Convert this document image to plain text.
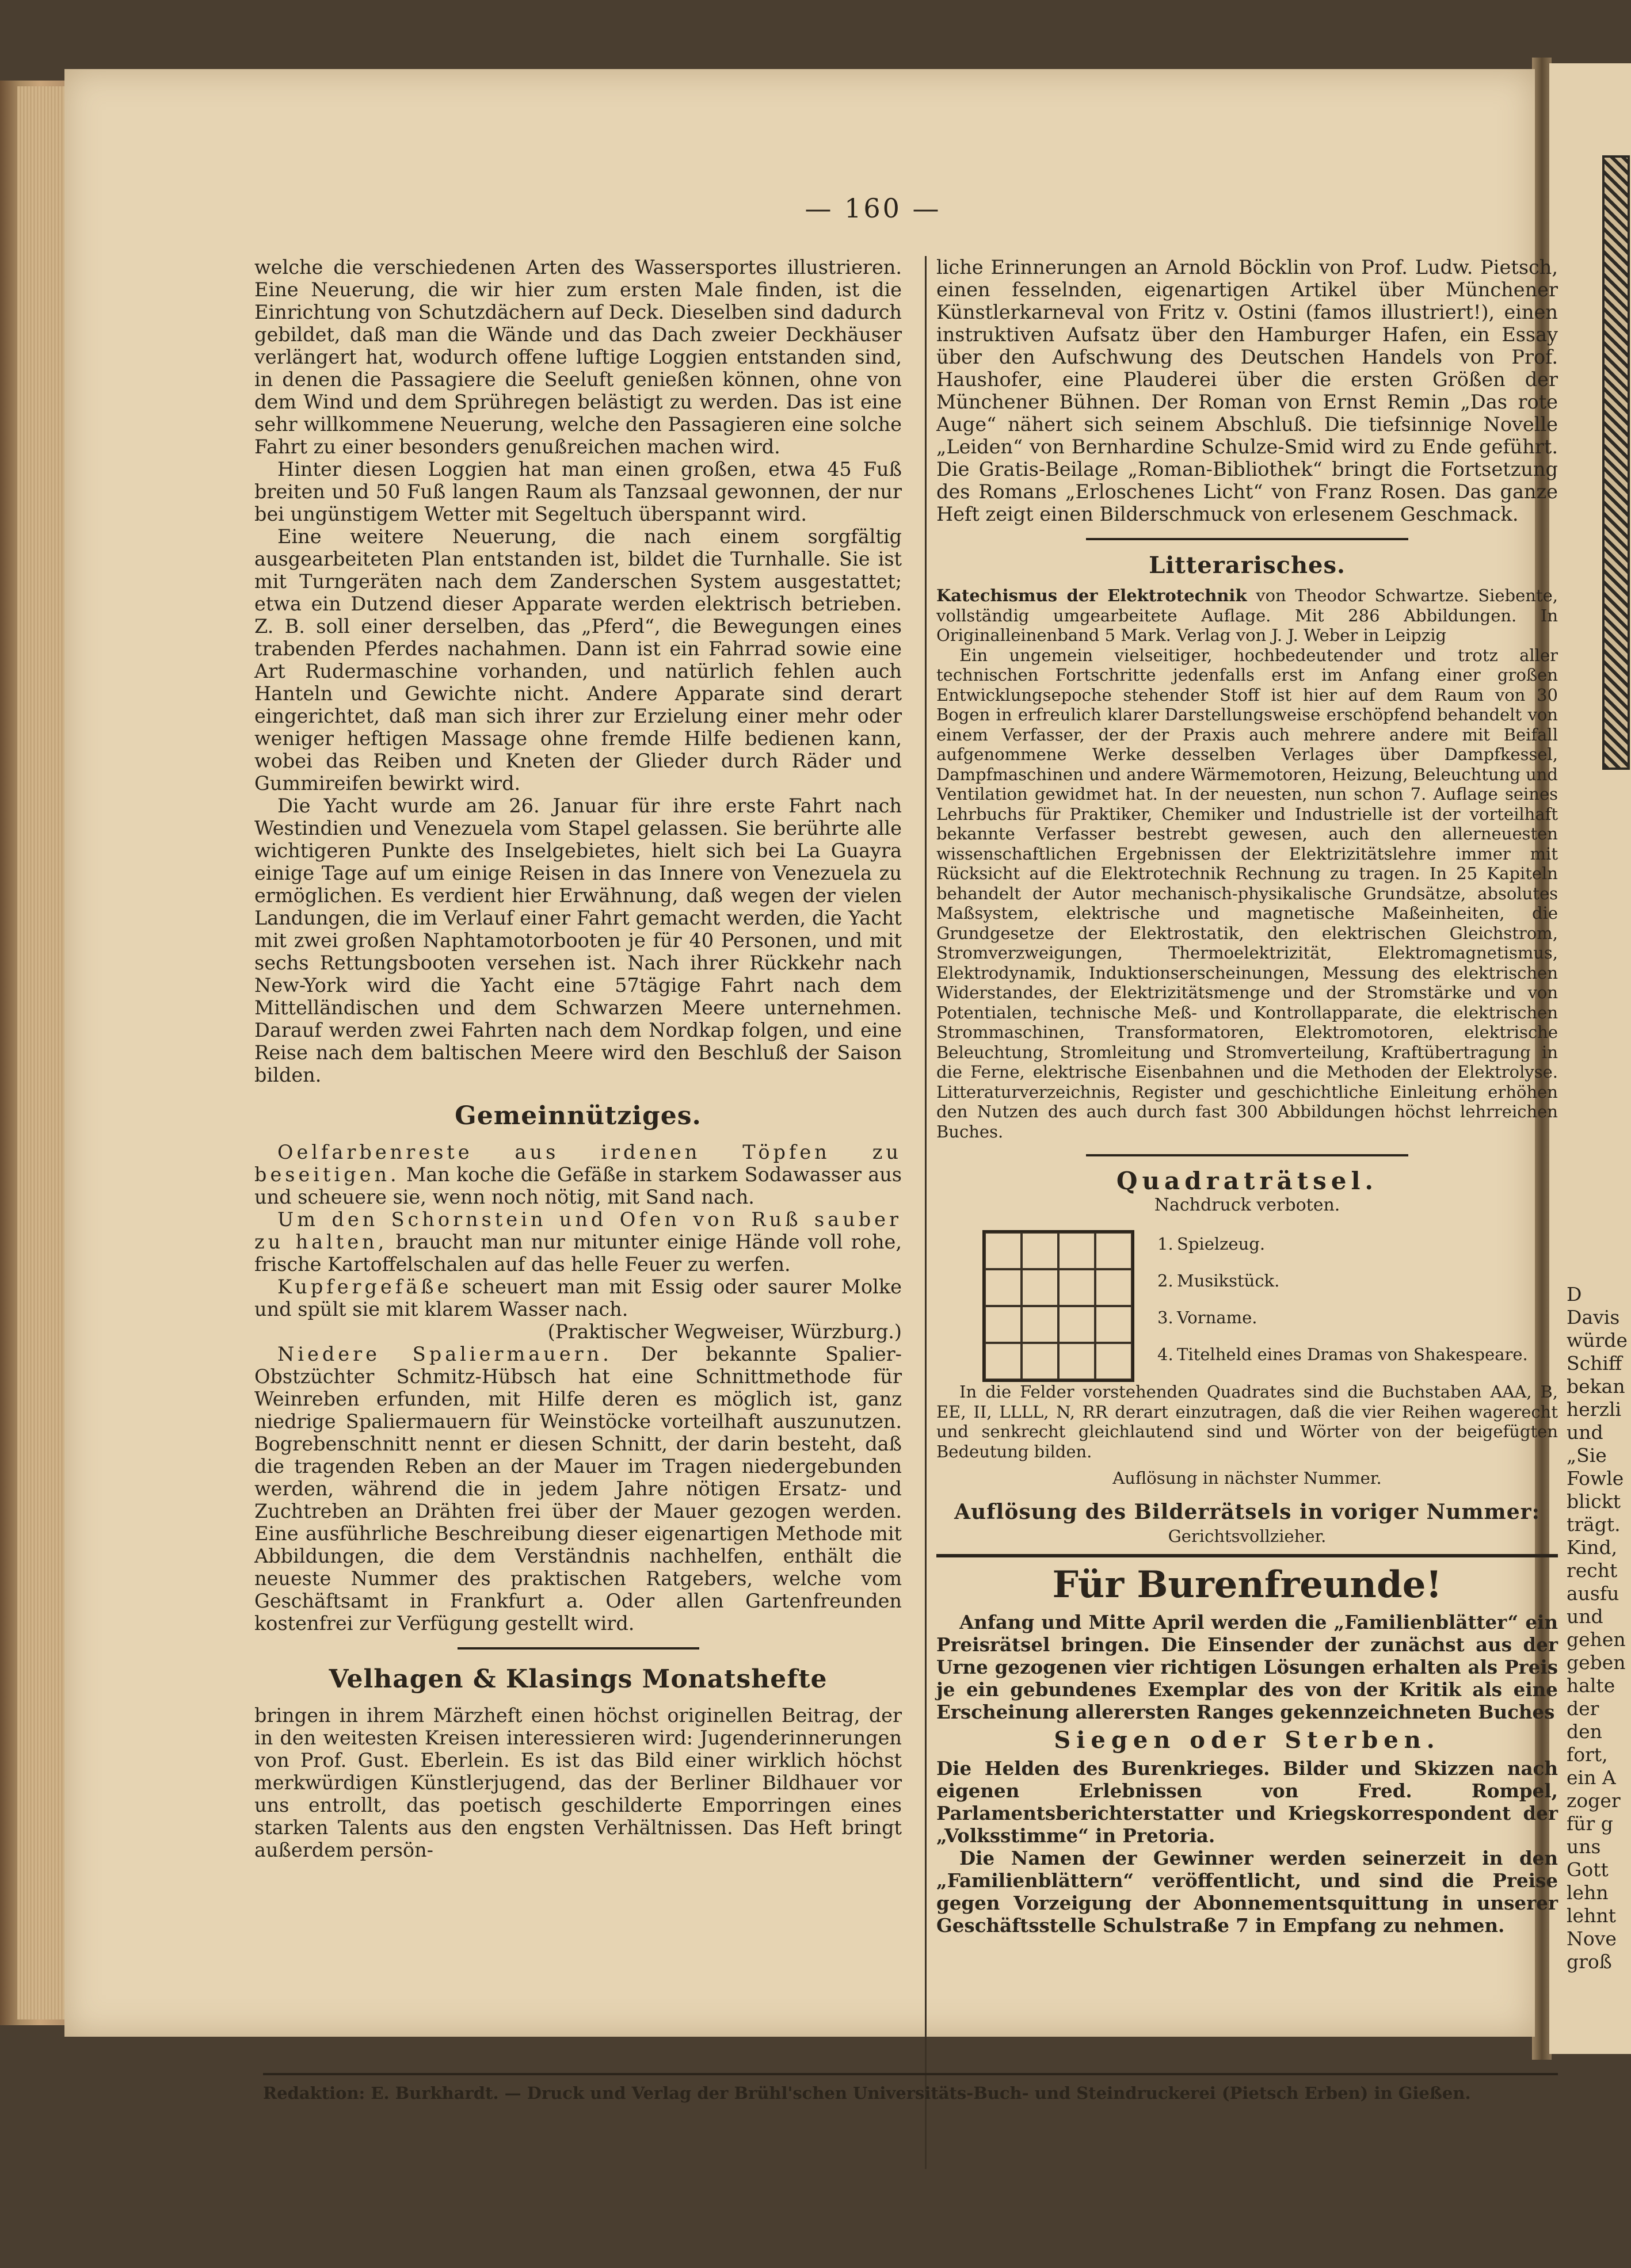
D
Davis
würde
Schiff
bekan
herzli
und
„Sie
Fowle
blickt
trägt.
Kind,
recht
ausfu
und
gehen
geben
halte
der
den
fort,
ein A
zoger
für g
uns
Gott
lehn
lehnt
Nove
groß
— 160 —

welche die verschiedenen Arten des Wassersportes illustrieren. Eine Neuerung, die wir hier zum ersten Male finden, ist die Einrichtung von Schutzdächern auf Deck. Dieselben sind dadurch gebildet, daß man die Wände und das Dach zweier Deckhäuser verlängert hat, wodurch offene luftige Loggien entstanden sind, in denen die Passagiere die Seeluft genießen können, ohne von dem Wind und dem Sprühregen belästigt zu werden. Das ist eine sehr willkommene Neuerung, welche den Passagieren eine solche Fahrt zu einer besonders genußreichen machen wird.

Hinter diesen Loggien hat man einen großen, etwa 45 Fuß breiten und 50 Fuß langen Raum als Tanzsaal gewonnen, der nur bei ungünstigem Wetter mit Segeltuch überspannt wird.

Eine weitere Neuerung, die nach einem sorgfältig ausgearbeiteten Plan entstanden ist, bildet die Turnhalle. Sie ist mit Turngeräten nach dem Zanderschen System ausgestattet; etwa ein Dutzend dieser Apparate werden elektrisch betrieben. Z. B. soll einer derselben, das „Pferd“, die Bewegungen eines trabenden Pferdes nachahmen. Dann ist ein Fahrrad sowie eine Art Rudermaschine vorhanden, und natürlich fehlen auch Hanteln und Gewichte nicht. Andere Apparate sind derart eingerichtet, daß man sich ihrer zur Erzielung einer mehr oder weniger heftigen Massage ohne fremde Hilfe bedienen kann, wobei das Reiben und Kneten der Glieder durch Räder und Gummireifen bewirkt wird.

Die Yacht wurde am 26. Januar für ihre erste Fahrt nach Westindien und Venezuela vom Stapel gelassen. Sie berührte alle wichtigeren Punkte des Inselgebietes, hielt sich bei La Guayra einige Tage auf um einige Reisen in das Innere von Venezuela zu ermöglichen. Es verdient hier Erwähnung, daß wegen der vielen Landungen, die im Verlauf einer Fahrt gemacht werden, die Yacht mit zwei großen Naphtamotorbooten je für 40 Personen, und mit sechs Rettungsbooten versehen ist. Nach ihrer Rückkehr nach New-York wird die Yacht eine 57tägige Fahrt nach dem Mittelländischen und dem Schwarzen Meere unternehmen. Darauf werden zwei Fahrten nach dem Nordkap folgen, und eine Reise nach dem baltischen Meere wird den Beschluß der Saison bilden.

Gemeinnütziges.

Oelfarbenreste aus irdenen Töpfen zu beseitigen. Man koche die Gefäße in starkem Sodawasser aus und scheuere sie, wenn noch nötig, mit Sand nach.

Um den Schornstein und Ofen von Ruß sauber zu halten, braucht man nur mitunter einige Hände voll rohe, frische Kartoffelschalen auf das helle Feuer zu werfen.

Kupfergefäße scheuert man mit Essig oder saurer Molke und spült sie mit klarem Wasser nach.

(Praktischer Wegweiser, Würzburg.)

Niedere Spaliermauern. Der bekannte Spalier-Obstzüchter Schmitz-Hübsch hat eine Schnittmethode für Weinreben erfunden, mit Hilfe deren es möglich ist, ganz niedrige Spaliermauern für Weinstöcke vorteilhaft auszunutzen. Bogrebenschnitt nennt er diesen Schnitt, der darin besteht, daß die tragenden Reben an der Mauer im Tragen niedergebunden werden, während die in jedem Jahre nötigen Ersatz- und Zuchtreben an Drähten frei über der Mauer gezogen werden. Eine ausführliche Beschreibung dieser eigenartigen Methode mit Abbildungen, die dem Verständnis nachhelfen, enthält die neueste Nummer des praktischen Ratgebers, welche vom Geschäftsamt in Frankfurt a. Oder allen Gartenfreunden kostenfrei zur Verfügung gestellt wird.

Velhagen & Klasings Monatshefte

bringen in ihrem Märzheft einen höchst originellen Beitrag, der in den weitesten Kreisen interessieren wird: Jugenderinnerungen von Prof. Gust. Eberlein. Es ist das Bild einer wirklich höchst merkwürdigen Künstlerjugend, das der Berliner Bildhauer vor uns entrollt, das poetisch geschilderte Emporringen eines starken Talents aus den engsten Verhältnissen. Das Heft bringt außerdem persön-

liche Erinnerungen an Arnold Böcklin von Prof. Ludw. Pietsch, einen fesselnden, eigenartigen Artikel über Münchener Künstlerkarneval von Fritz v. Ostini (famos illustriert!), einen instruktiven Aufsatz über den Hamburger Hafen, ein Essay über den Aufschwung des Deutschen Handels von Prof. Haushofer, eine Plauderei über die ersten Größen der Münchener Bühnen. Der Roman von Ernst Remin „Das rote Auge“ nähert sich seinem Abschluß. Die tiefsinnige Novelle „Leiden“ von Bernhardine Schulze-Smid wird zu Ende geführt. Die Gratis-Beilage „Roman-Bibliothek“ bringt die Fortsetzung des Romans „Erloschenes Licht“ von Franz Rosen. Das ganze Heft zeigt einen Bilderschmuck von erlesenem Geschmack.

Litterarisches.

Katechismus der Elektrotechnik von Theodor Schwartze. Siebente, vollständig umgearbeitete Auflage. Mit 286 Abbildungen. In Originalleinenband 5 Mark. Verlag von J. J. Weber in Leipzig

Ein ungemein vielseitiger, hochbedeutender und trotz aller technischen Fortschritte jedenfalls erst im Anfang einer großen Entwicklungsepoche stehender Stoff ist hier auf dem Raum von 30 Bogen in erfreulich klarer Darstellungsweise erschöpfend behandelt von einem Verfasser, der der Praxis auch mehrere andere mit Beifall aufgenommene Werke desselben Verlages über Dampfkessel, Dampfmaschinen und andere Wärmemotoren, Heizung, Beleuchtung und Ventilation gewidmet hat. In der neuesten, nun schon 7. Auflage seines Lehrbuchs für Praktiker, Chemiker und Industrielle ist der vorteilhaft bekannte Verfasser bestrebt gewesen, auch den allerneuesten wissenschaftlichen Ergebnissen der Elektrizitätslehre immer mit Rücksicht auf die Elektrotechnik Rechnung zu tragen. In 25 Kapiteln behandelt der Autor mechanisch-physikalische Grundsätze, absolutes Maßsystem, elektrische und magnetische Maßeinheiten, die Grundgesetze der Elektrostatik, den elektrischen Gleichstrom, Stromverzweigungen, Thermoelektrizität, Elektromagnetismus, Elektrodynamik, Induktionserscheinungen, Messung des elektrischen Widerstandes, der Elektrizitätsmenge und der Stromstärke und von Potentialen, technische Meß- und Kontrollapparate, die elektrischen Strommaschinen, Transformatoren, Elektromotoren, elektrische Beleuchtung, Stromleitung und Stromverteilung, Kraftübertragung in die Ferne, elektrische Eisenbahnen und die Methoden der Elektrolyse. Litteraturverzeichnis, Register und geschichtliche Einleitung erhöhen den Nutzen des auch durch fast 300 Abbildungen höchst lehrreichen Buches.

Quadraträtsel.
Nachdruck verboten.
1. Spielzeug.
2. Musikstück.
3. Vorname.
4. Titelheld eines Dramas von Shakespeare.

In die Felder vorstehenden Quadrates sind die Buchstaben AAA, B, EE, II, LLLL, N, RR derart einzutragen, daß die vier Reihen wagerecht und senkrecht gleichlautend sind und Wörter von der beigefügten Bedeutung bilden.

Auflösung in nächster Nummer.

Auflösung des Bilderrätsels in voriger Nummer:

Gerichtsvollzieher.

Für Burenfreunde!

Anfang und Mitte April werden die „Familienblätter“ ein Preisrätsel bringen. Die Einsender der zunächst aus der Urne gezogenen vier richtigen Lösungen erhalten als Preis je ein gebundenes Exemplar des von der Kritik als eine Erscheinung allerersten Ranges gekennzeichneten Buches

Siegen oder Sterben.

Die Helden des Burenkrieges. Bilder und Skizzen nach eigenen Erlebnissen von Fred. Rompel, Parlamentsberichterstatter und Kriegskorrespondent der „Volksstimme“ in Pretoria.

Die Namen der Gewinner werden seinerzeit in den „Familienblättern“ veröffentlicht, und sind die Preise gegen Vorzeigung der Abonnementsquittung in unserer Geschäftsstelle Schulstraße 7 in Empfang zu nehmen.

Redaktion: E. Burkhardt. — Druck und Verlag der Brühl'schen Universitäts-Buch- und Steindruckerei (Pietsch Erben) in Gießen.
